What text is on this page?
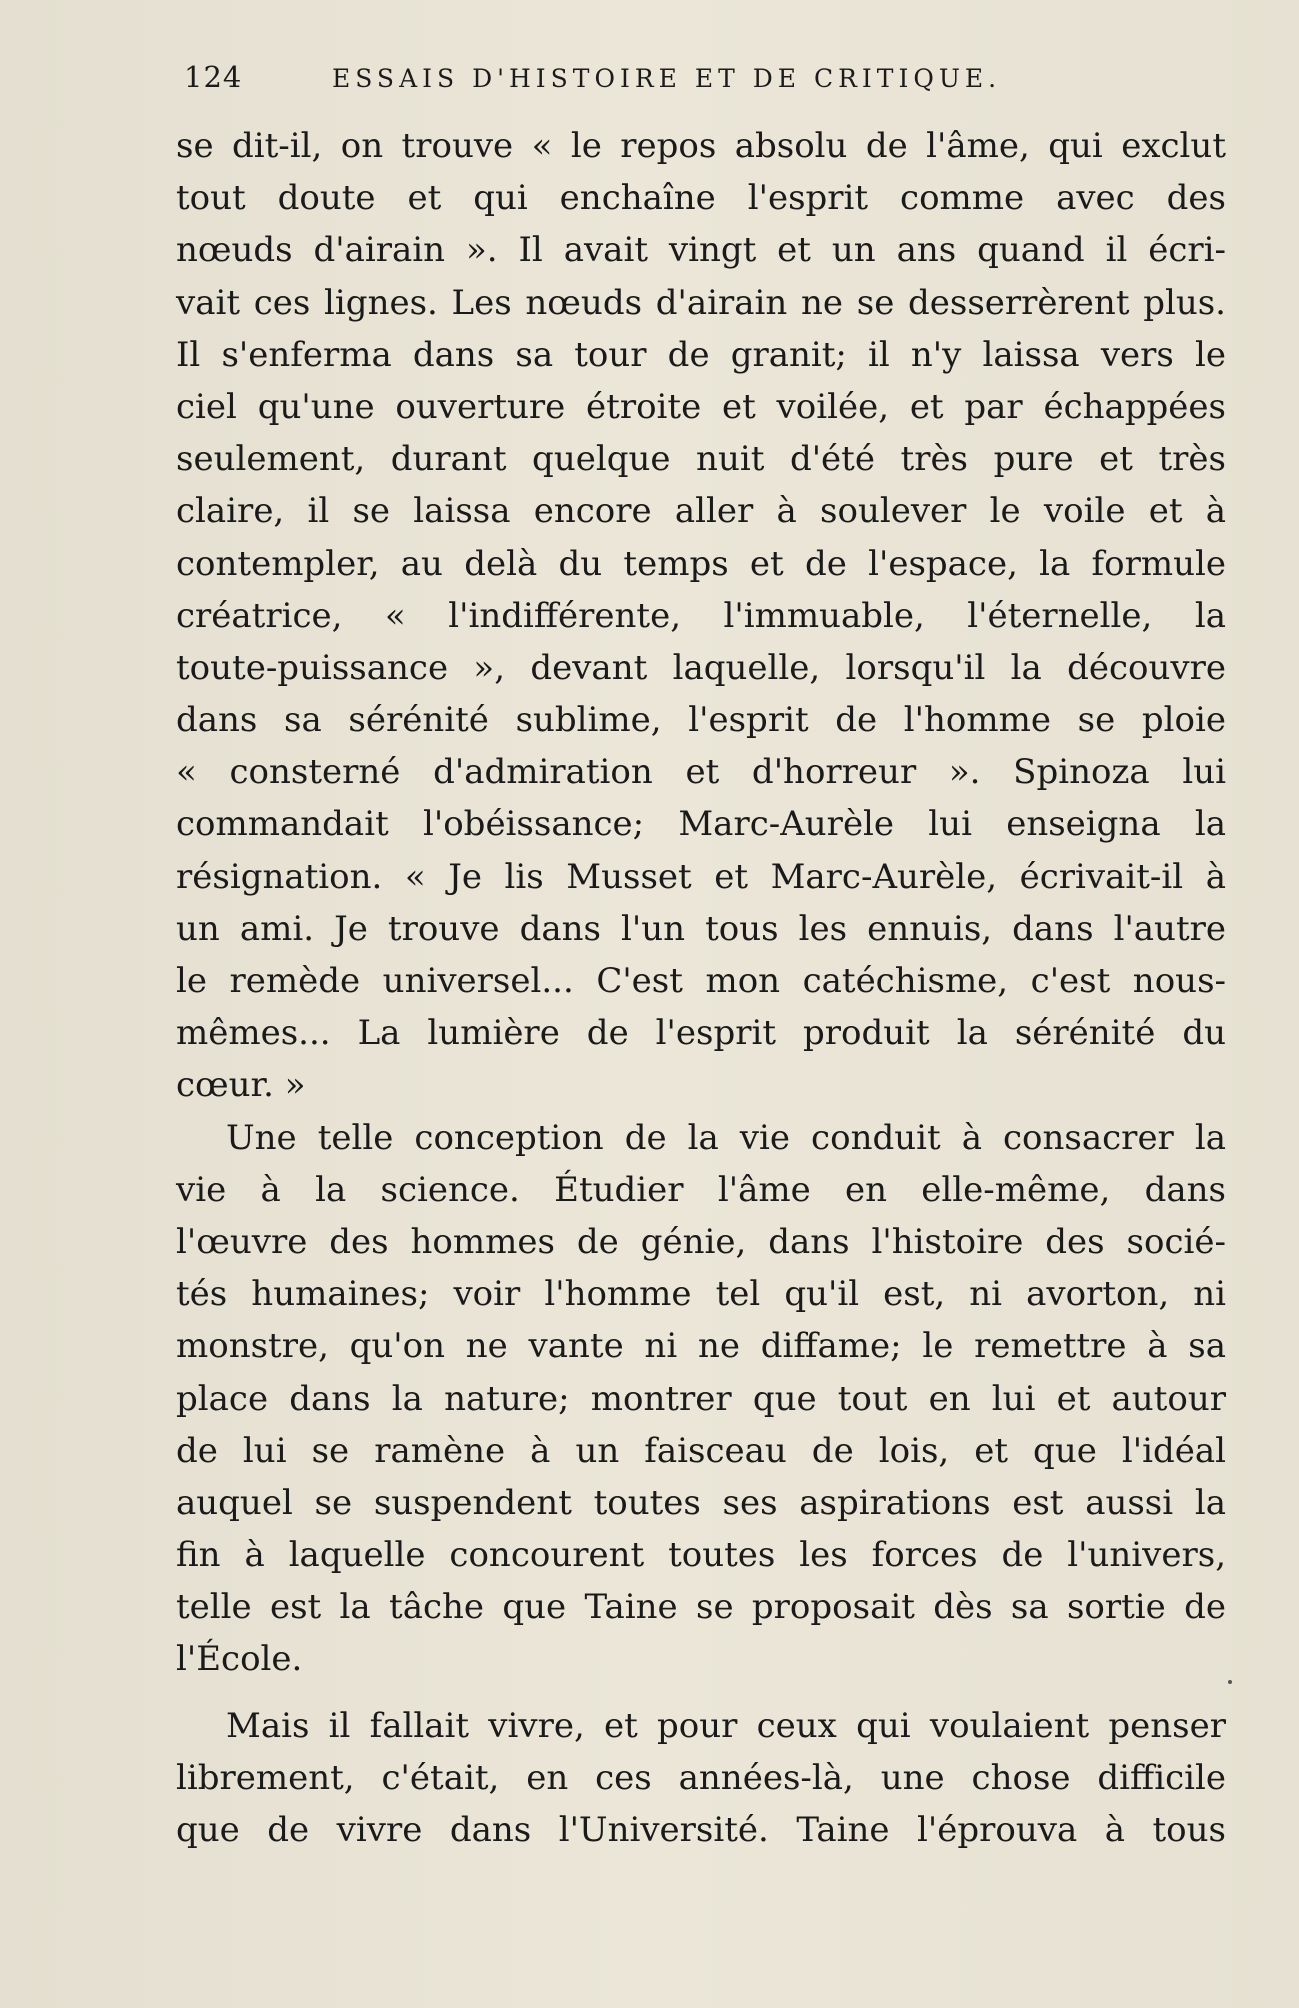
124	ESSAIS D'HISTOIRE ET DE CRITIQUE.
se dit-il, on trouve « le repos absolu de l'âme, qui exclut
tout doute et qui enchaîne l'esprit comme avec des
nœuds d'airain ». Il avait vingt et un ans quand il écri-
vait ces lignes. Les nœuds d'airain ne se desserrèrent plus.
Il s'enferma dans sa tour de granit; il n'y laissa vers le
ciel qu'une ouverture étroite et voilée, et par échappées
seulement, durant quelque nuit d'été très pure et très
claire, il se laissa encore aller à soulever le voile et à
contempler, au delà du temps et de l'espace, la formule
créatrice, « l'indifférente, l'immuable, l'éternelle, la
toute-puissance », devant laquelle, lorsqu'il la découvre
dans sa sérénité sublime, l'esprit de l'homme se ploie
« consterné d'admiration et d'horreur ». Spinoza lui
commandait l'obéissance; Marc-Aurèle lui enseigna la
résignation. « Je lis Musset et Marc-Aurèle, écrivait-il à
un ami. Je trouve dans l'un tous les ennuis, dans l'autre
le remède universel... C'est mon catéchisme, c'est nous-
mêmes... La lumière de l'esprit produit la sérénité du
cœur. »
Une telle conception de la vie conduit à consacrer la
vie à la science. Étudier l'âme en elle-même, dans
l'œuvre des hommes de génie, dans l'histoire des socié-
tés humaines; voir l'homme tel qu'il est, ni avorton, ni
monstre, qu'on ne vante ni ne diffame; le remettre à sa
place dans la nature; montrer que tout en lui et autour
de lui se ramène à un faisceau de lois, et que l'idéal
auquel se suspendent toutes ses aspirations est aussi la
fin à laquelle concourent toutes les forces de l'univers,
telle est la tâche que Taine se proposait dès sa sortie de
l'École.
Mais il fallait vivre, et pour ceux qui voulaient penser
librement, c'était, en ces années-là, une chose difficile
que de vivre dans l'Université. Taine l'éprouva à tous
